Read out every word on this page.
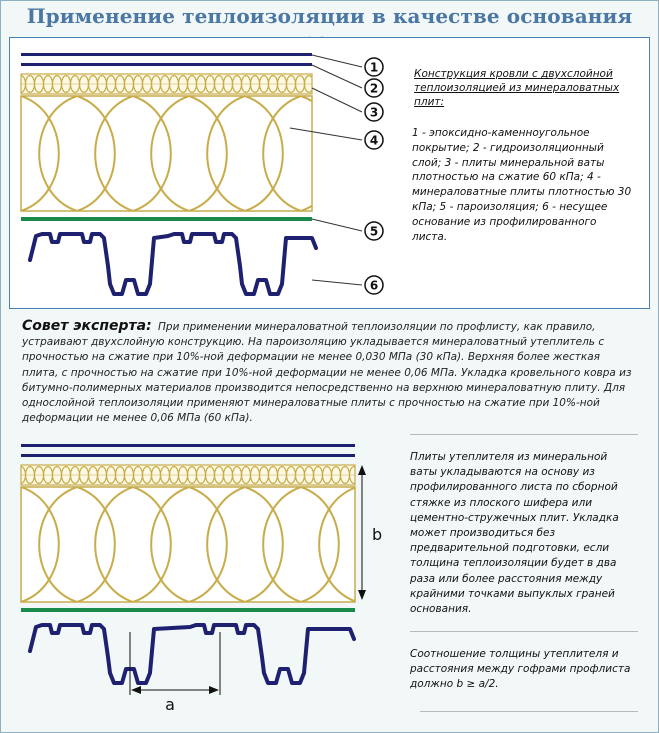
Применение теплоизоляции в качестве основания
1
2
3
4
5
6
b
a
Конструкция кровли с двухслойной теплоизоляцией из минераловатных плит:
1 - эпоксидно-каменноугольное покрытие; 2 - гидроизоляционный слой; 3 - плиты минеральной ваты плотностью на сжатие 60 кПа; 4 - минераловатные плиты плотностью 30 кПа; 5 - пароизоляция; 6 - несущее основание из профилированного листа.
Совет эксперта: При применении минераловатной теплоизоляции по профлисту, как правило, устраивают двухслойную конструкцию. На пароизоляцию укладывается минераловатный утеплитель с прочностью на сжатие при 10%-ной деформации не менее 0,030 МПа (30 кПа). Верхняя более жесткая плита, с прочностью на сжатие при 10%-ной деформации не менее 0,06 МПа. Укладка кровельного ковра из битумно-полимерных материалов производится непосредственно на верхнюю минераловатную плиту. Для однослойной теплоизоляции применяют минераловатные плиты с прочностью на сжатие при 10%-ной деформации не менее 0,06 МПа (60 кПа).
Плиты утеплителя из минеральной ваты укладываются на основу из профилированного листа по сборной стяжке из плоского шифера или цементно-стружечных плит. Укладка может производиться без предварительной подготовки, если толщина теплоизоляции будет в два раза или более расстояния между крайними точками выпуклых граней основания.
Соотношение толщины утеплителя и расстояния между гофрами профлиста должно b ≥ a/2.
